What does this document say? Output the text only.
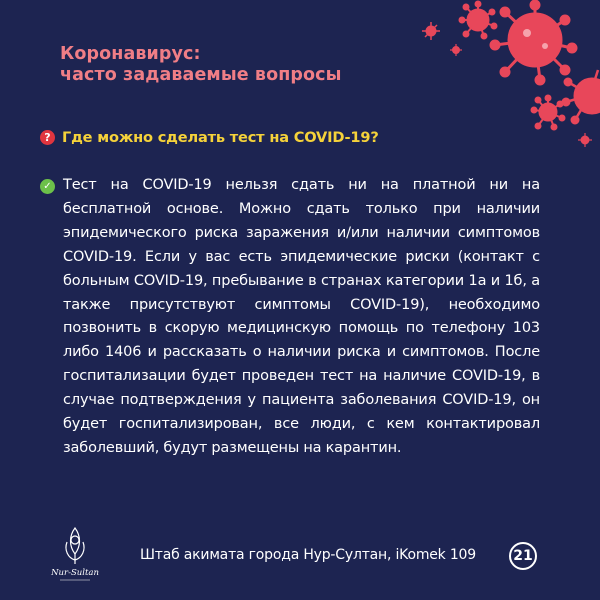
Коронавирус:
часто задаваемые вопросы
? Где можно сделать тест на COVID-19?
✓ Тест на COVID-19 нельзя сдать ни на платной ни на бесплатной основе. Можно сдать только при наличии эпидемического риска заражения и/или наличии симптомов COVID-19. Если у вас есть эпидемические риски (контакт с больным COVID-19, пребывание в странах категории 1а и 1б, а также присутствуют симптомы COVID-19), необходимо позвонить в скорую медицинскую помощь по телефону 103 либо 1406 и рассказать о наличии риска и симптомов. После госпитализации будет проведен тест на наличие COVID-19, в случае подтверждения у пациента заболевания COVID-19, он будет госпитализирован, все люди, с кем контактировал заболевший, будут размещены на карантин.

Nur-Sultan
Штаб акимата города Нур-Султан, iKomek 109	21
